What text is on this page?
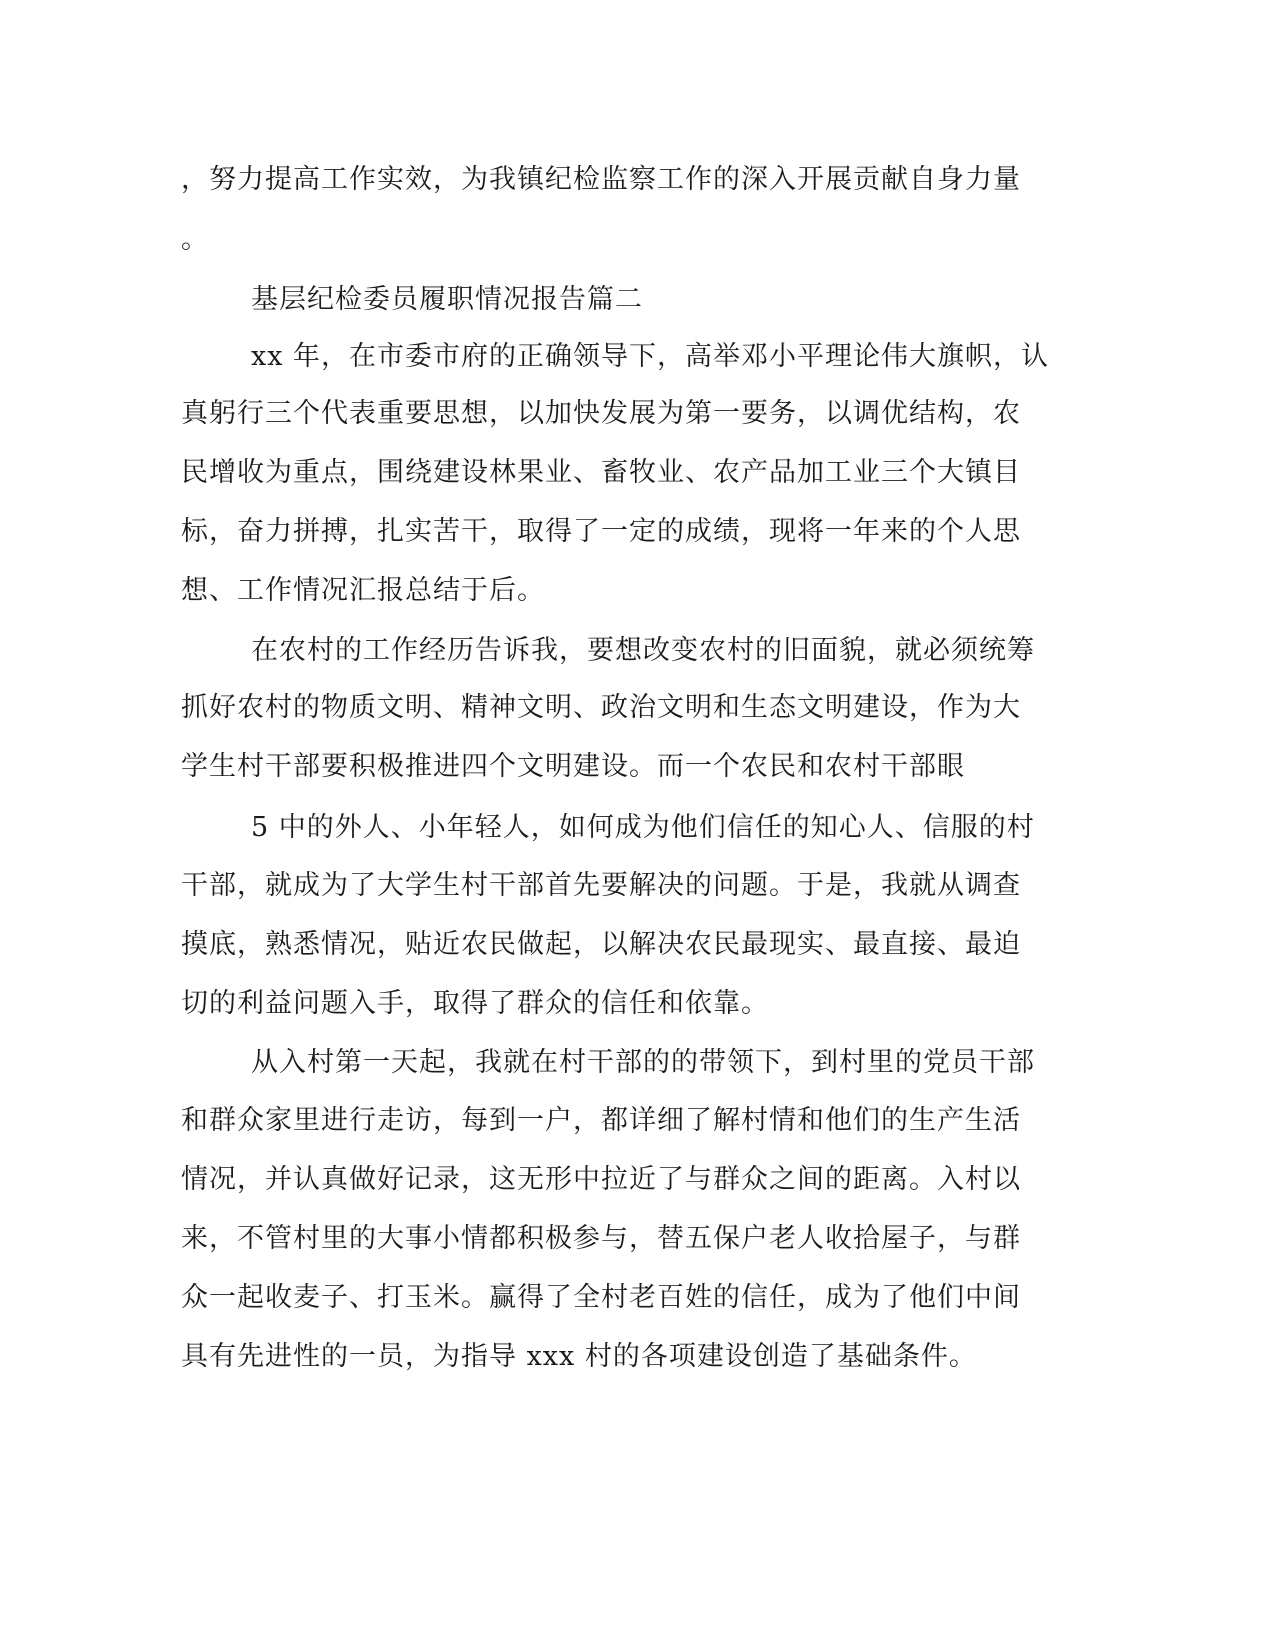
，努力提高工作实效，为我镇纪检监察工作的深入开展贡献自身力量
。
基层纪检委员履职情况报告篇二
xx 年，在市委市府的正确领导下，高举邓小平理论伟大旗帜，认
真躬行三个代表重要思想，以加快发展为第一要务，以调优结构，农
民增收为重点，围绕建设林果业、畜牧业、农产品加工业三个大镇目
标，奋力拼搏，扎实苦干，取得了一定的成绩，现将一年来的个人思
想、工作情况汇报总结于后。
在农村的工作经历告诉我，要想改变农村的旧面貌，就必须统筹
抓好农村的物质文明、精神文明、政治文明和生态文明建设，作为大
学生村干部要积极推进四个文明建设。而一个农民和农村干部眼
5 中的外人、小年轻人，如何成为他们信任的知心人、信服的村
干部，就成为了大学生村干部首先要解决的问题。于是，我就从调查
摸底，熟悉情况，贴近农民做起，以解决农民最现实、最直接、最迫
切的利益问题入手，取得了群众的信任和依靠。
从入村第一天起，我就在村干部的的带领下，到村里的党员干部
和群众家里进行走访，每到一户，都详细了解村情和他们的生产生活
情况，并认真做好记录，这无形中拉近了与群众之间的距离。入村以
来，不管村里的大事小情都积极参与，替五保户老人收拾屋子，与群
众一起收麦子、打玉米。赢得了全村老百姓的信任，成为了他们中间
具有先进性的一员，为指导 xxx 村的各项建设创造了基础条件。
